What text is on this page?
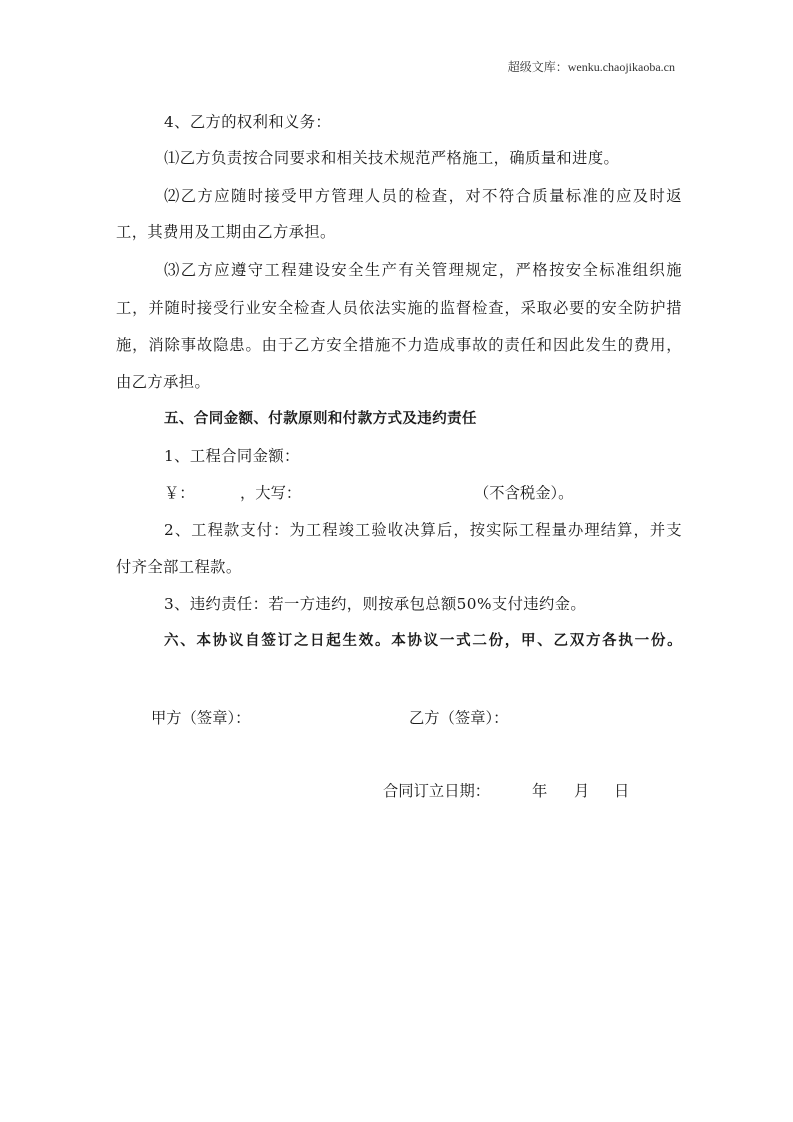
超级文库：wenku.chaojikaoba.cn
4、乙方的权利和义务：
⑴乙方负责按合同要求和相关技术规范严格施工，确质量和进度。
⑵乙方应随时接受甲方管理人员的检查，对不符合质量标准的应及时返
工，其费用及工期由乙方承担。
⑶乙方应遵守工程建设安全生产有关管理规定，严格按安全标准组织施
工，并随时接受行业安全检查人员依法实施的监督检查，采取必要的安全防护措
施，消除事故隐患。由于乙方安全措施不力造成事故的责任和因此发生的费用，
由乙方承担。
五、合同金额、付款原则和付款方式及违约责任
1、工程合同金额：
￥：	，大写：	（不含税金）。
2、工程款支付：为工程竣工验收决算后，按实际工程量办理结算，并支
付齐全部工程款。
3、违约责任：若一方违约，则按承包总额50%支付违约金。
六、本协议自签订之日起生效。本协议一式二份，甲、乙双方各执一份。
甲方（签章）：	乙方（签章）：
合同订立日期：	年 月 日
